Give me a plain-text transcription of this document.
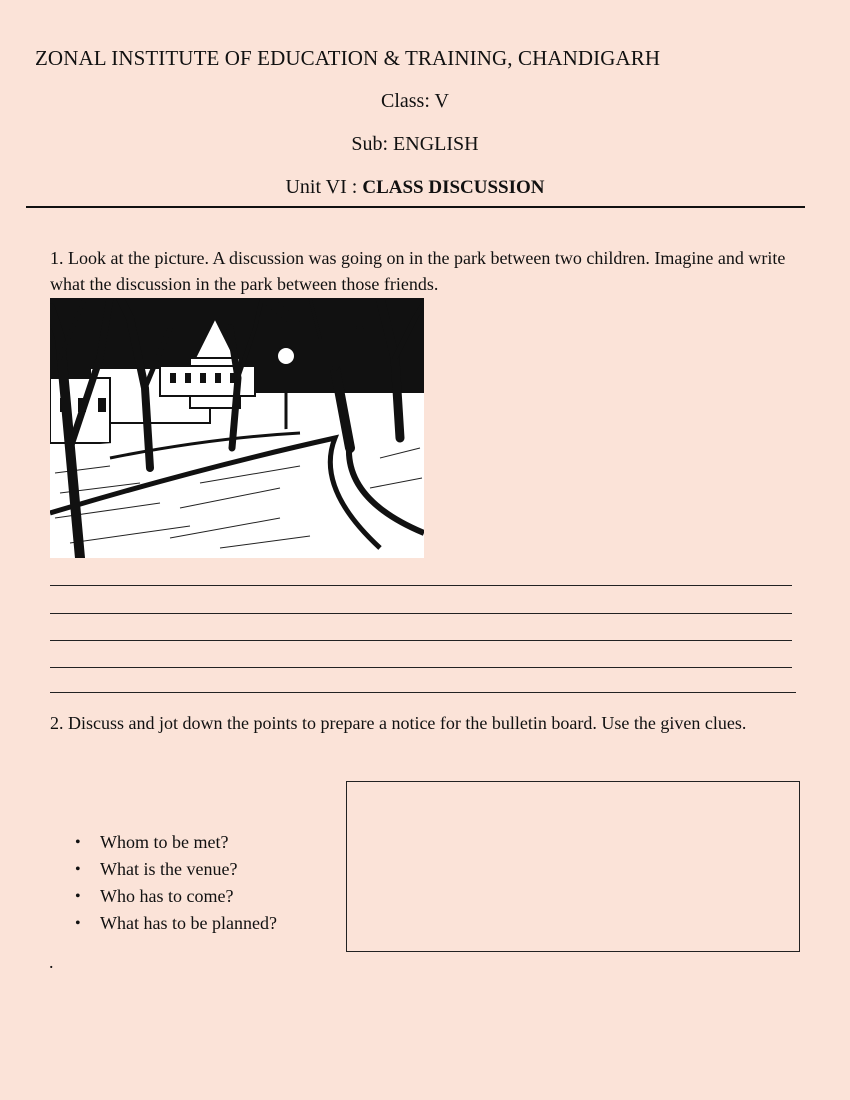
ZONAL INSTITUTE OF EDUCATION & TRAINING, CHANDIGARH
Class: V
Sub: ENGLISH
Unit VI : CLASS DISCUSSION
1. Look at the picture. A discussion was going on in the park between two children. Imagine and write what the discussion in the park between those friends.
2. Discuss and jot down the points to prepare a notice for the bulletin board. Use the given clues.
• Whom to be met?
• What is the venue?
• Who has to come?
• What has to be planned?
.
